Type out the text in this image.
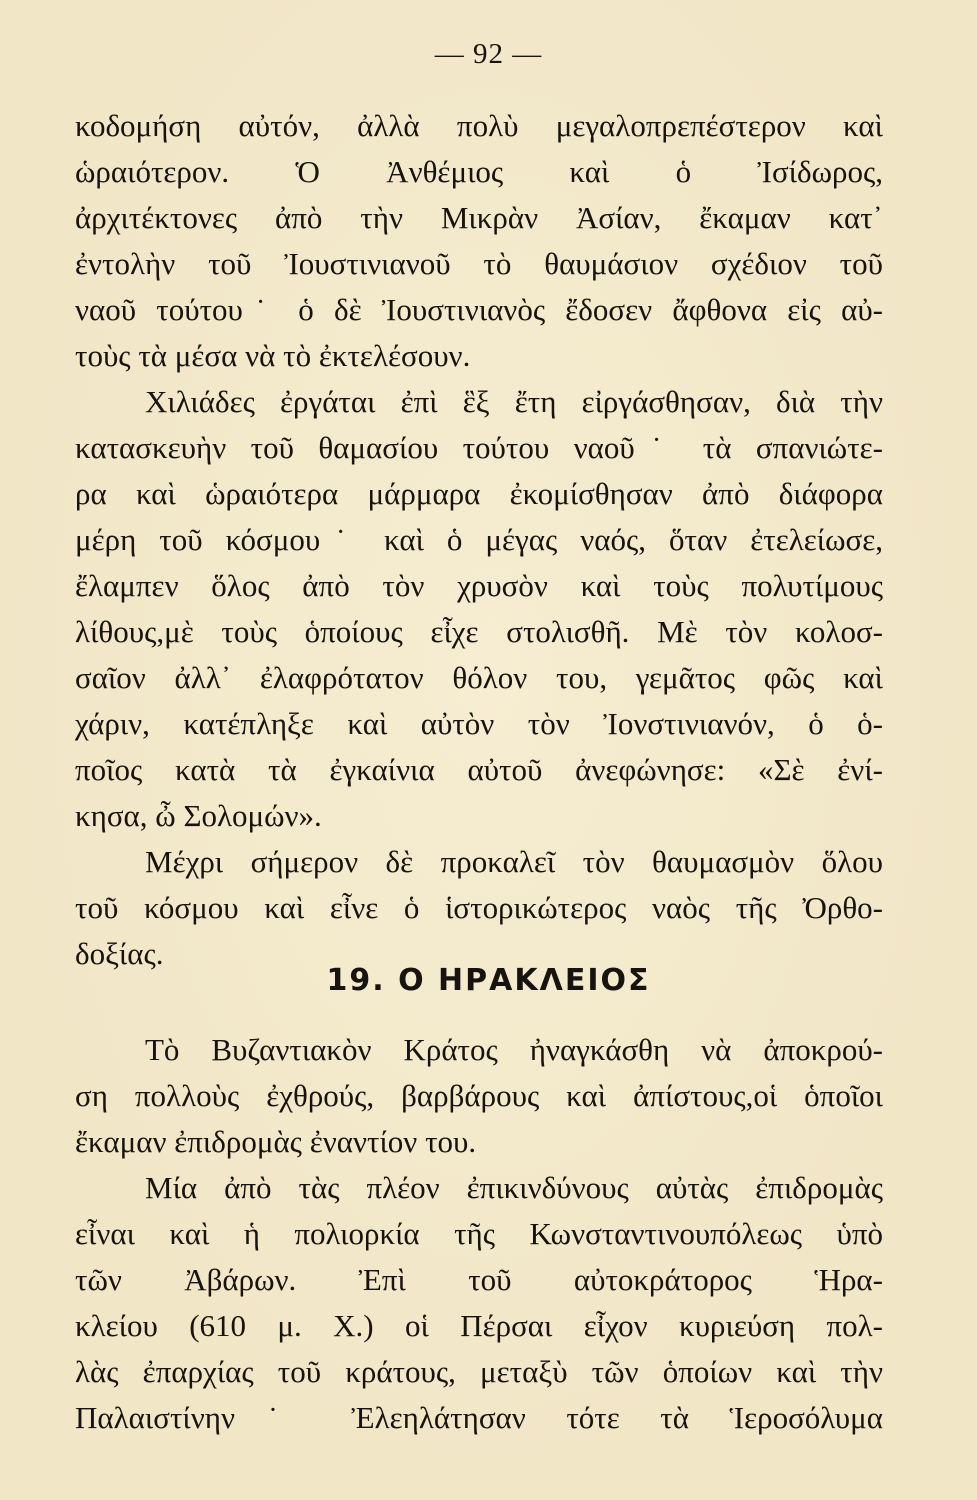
— 92 —
κοδομήση αὐτόν, ἀλλὰ πολὺ μεγαλοπρεπέστερον καὶ
ὡραιότερον. Ὁ Ἀνθέμιος καὶ ὁ Ἰσίδωρος,
ἀρχιτέκτονες ἀπὸ τὴν Μικρὰν Ἀσίαν, ἔκαμαν κατ᾿
ἐντολὴν τοῦ Ἰουστινιανοῦ τὸ θαυμάσιον σχέδιον τοῦ
ναοῦ τούτου˙ ὁ δὲ Ἰουστινιανὸς ἔδοσεν ἄφθονα εἰς αὐ-
τοὺς τὰ μέσα νὰ τὸ ἐκτελέσουν.
Χιλιάδες ἐργάται ἐπὶ ἓξ ἔτη εἰργάσθησαν, διὰ τὴν
κατασκευὴν τοῦ θαμασίου τούτου ναοῦ˙ τὰ σπανιώτε-
ρα καὶ ὡραιότερα μάρμαρα ἐκομίσθησαν ἀπὸ διάφορα
μέρη τοῦ κόσμου˙ καὶ ὁ μέγας ναός, ὅταν ἐτελείωσε,
ἔλαμπεν ὅλος ἀπὸ τὸν χρυσὸν καὶ τοὺς πολυτίμους
λίθους,μὲ τοὺς ὁποίους εἶχε στολισθῆ. Μὲ τὸν κολοσ-
σαῖον ἀλλ᾿ ἐλαφρότατον θόλον του, γεμᾶτος φῶς καὶ
χάριν, κατέπληξε καὶ αὐτὸν τὸν Ἰονστινιανόν, ὁ ὁ-
ποῖος κατὰ τὰ ἐγκαίνια αὐτοῦ ἀνεφώνησε: «Σὲ ἐνί-
κησα, ὦ Σολομών».
Μέχρι σήμερον δὲ προκαλεῖ τὸν θαυμασμὸν ὅλου
τοῦ κόσμου καὶ εἶνε ὁ ἱστορικώτερος ναὸς τῆς Ὀρθο-
δοξίας.
19. Ο ΗΡΑΚΛΕΙΟΣ
Τὸ Βυζαντιακὸν Κράτος ἠναγκάσθη νὰ ἀποκρού-
ση πολλοὺς ἐχθρούς, βαρβάρους καὶ ἀπίστους,οἱ ὁποῖοι
ἔκαμαν ἐπιδρομὰς ἐναντίον του.
Μία ἀπὸ τὰς πλέον ἐπικινδύνους αὐτὰς ἐπιδρομὰς
εἶναι καὶ ἡ πολιορκία τῆς Κωνσταντινουπόλεως ὑπὸ
τῶν Ἀβάρων. Ἐπὶ τοῦ αὐτοκράτορος Ἡρα-
κλείου (610 μ. Χ.) οἱ Πέρσαι εἶχον κυριεύση πολ-
λὰς ἐπαρχίας τοῦ κράτους, μεταξὺ τῶν ὁποίων καὶ τὴν
Παλαιστίνην˙ Ἐλεηλάτησαν τότε τὰ Ἱεροσόλυμα
